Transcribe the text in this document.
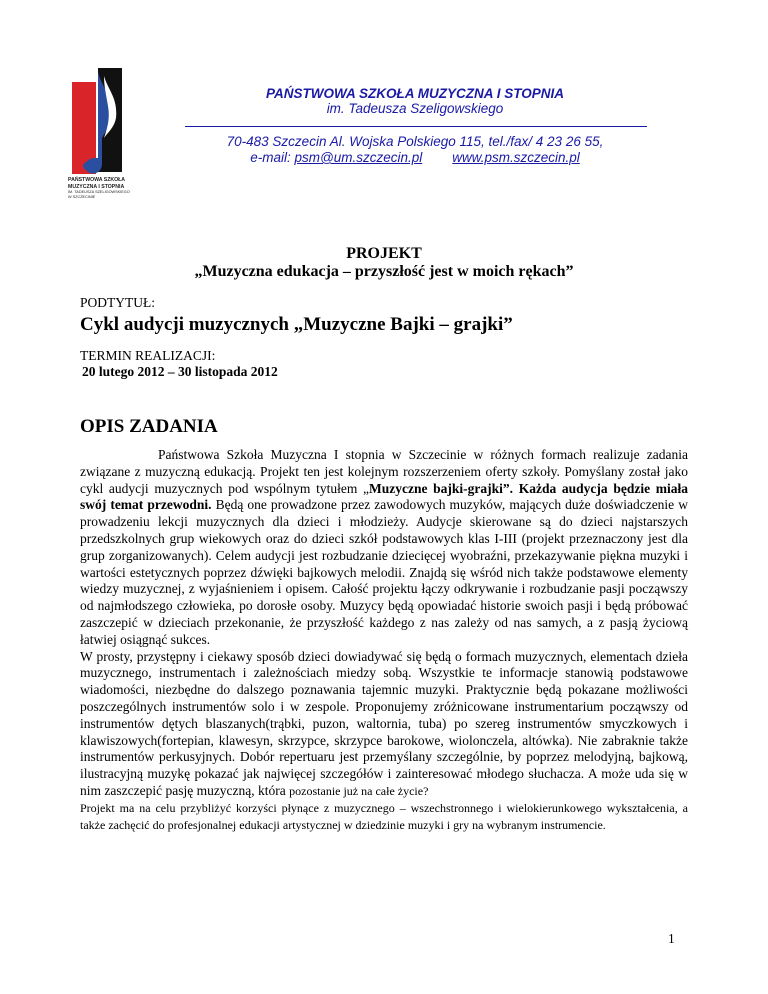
PAŃSTWOWA SZKOŁA
MUZYCZNA I STOPNIA
IM. TADEUSZA SZELIGOWSKIEGO
W SZCZECINIE
PAŃSTWOWA SZKOŁA MUZYCZNA I STOPNIA
im. Tadeusza Szeligowskiego
70-483 Szczecin Al. Wojska Polskiego 115, tel./fax/ 4 23 26 55,
e-mail: psm@um.szczecin.pl www.psm.szczecin.pl
PROJEKT
„Muzyczna edukacja – przyszłość jest w moich rękach”
PODTYTUŁ:
Cykl audycji muzycznych „Muzyczne Bajki – grajki”
TERMIN REALIZACJI:
20 lutego 2012 – 30 listopada 2012
OPIS ZADANIA

Państwowa Szkoła Muzyczna I stopnia w Szczecinie w różnych formach realizuje zadania związane z muzyczną edukacją. Projekt ten jest kolejnym rozszerzeniem oferty szkoły. Pomyślany został jako cykl audycji muzycznych pod wspólnym tytułem „Muzyczne bajki-grajki”. Każda audycja będzie miała swój temat przewodni. Będą one prowadzone przez zawodowych muzyków, mających duże doświadczenie w prowadzeniu lekcji muzycznych dla dzieci i młodzieży. Audycje skierowane są do dzieci najstarszych przedszkolnych grup wiekowych oraz do dzieci szkół podstawowych klas I-III (projekt przeznaczony jest dla grup zorganizowanych). Celem audycji jest rozbudzanie dziecięcej wyobraźni, przekazywanie piękna muzyki i wartości estetycznych poprzez dźwięki bajkowych melodii. Znajdą się wśród nich także podstawowe elementy wiedzy muzycznej, z wyjaśnieniem i opisem. Całość projektu łączy odkrywanie i rozbudzanie pasji począwszy od najmłodszego człowieka, po dorosłe osoby. Muzycy będą opowiadać historie swoich pasji i będą próbować zaszczepić w dzieciach przekonanie, że przyszłość każdego z nas zależy od nas samych, a z pasją życiową łatwiej osiągnąć sukces.

W prosty, przystępny i ciekawy sposób dzieci dowiadywać się będą o formach muzycznych, elementach dzieła muzycznego, instrumentach i zależnościach miedzy sobą. Wszystkie te informacje stanowią podstawowe wiadomości, niezbędne do dalszego poznawania tajemnic muzyki. Praktycznie będą pokazane możliwości poszczególnych instrumentów solo i w zespole. Proponujemy zróżnicowane instrumentarium począwszy od instrumentów dętych blaszanych(trąbki, puzon, waltornia, tuba) po szereg instrumentów smyczkowych i klawiszowych(fortepian, klawesyn, skrzypce, skrzypce barokowe, wiolonczela, altówka). Nie zabraknie także instrumentów perkusyjnych. Dobór repertuaru jest przemyślany szczególnie, by poprzez melodyjną, bajkową, ilustracyjną muzykę pokazać jak najwięcej szczegółów i zainteresować młodego słuchacza. A może uda się w nim zaszczepić pasję muzyczną, która pozostanie już na całe życie?

Projekt ma na celu przybliżyć korzyści płynące z muzycznego – wszechstronnego i wielokierunkowego wykształcenia, a także zachęcić do profesjonalnej edukacji artystycznej w dziedzinie muzyki i gry na wybranym instrumencie.

1
